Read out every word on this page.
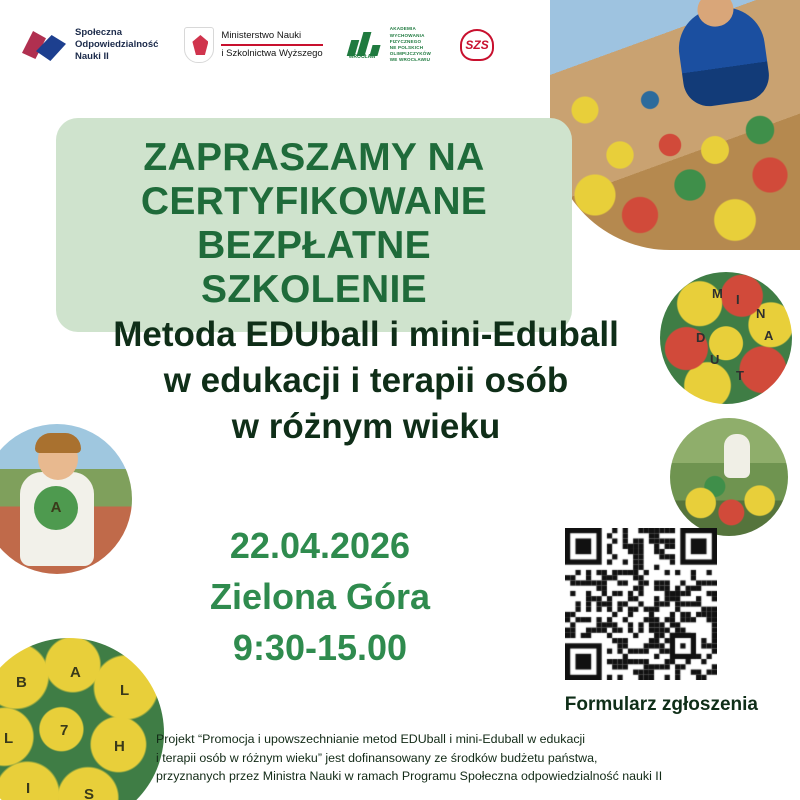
M I
N
A
D
U
T
A
B
A
L
L	7
H
I	S
Społeczna
Odpowiedzialność
Nauki II
Ministerstwo Nauki
i Szkolnictwa Wyższego	WROCŁAW
AKADEMIA
WYCHOWANIA
FIZYCZNEGO
NE POLSKICH
OLIMPIJCZYKÓW
WE WROCŁAWIU
SZS

ZAPRASZAMY NA
CERTYFIKOWANE
BEZPŁATNE SZKOLENIE

Metoda EDUball i mini-Eduball
w edukacji i terapii osób
w różnym wieku
22.04.2026
Zielona Góra
9:30-15.00
Formularz zgłoszenia
Projekt “Promocja i upowszechnianie metod EDUball i mini-Eduball w edukacji
i terapii osób w różnym wieku” jest dofinansowany ze środków budżetu państwa,
przyznanych przez Ministra Nauki w ramach Programu Społeczna odpowiedzialność nauki II
